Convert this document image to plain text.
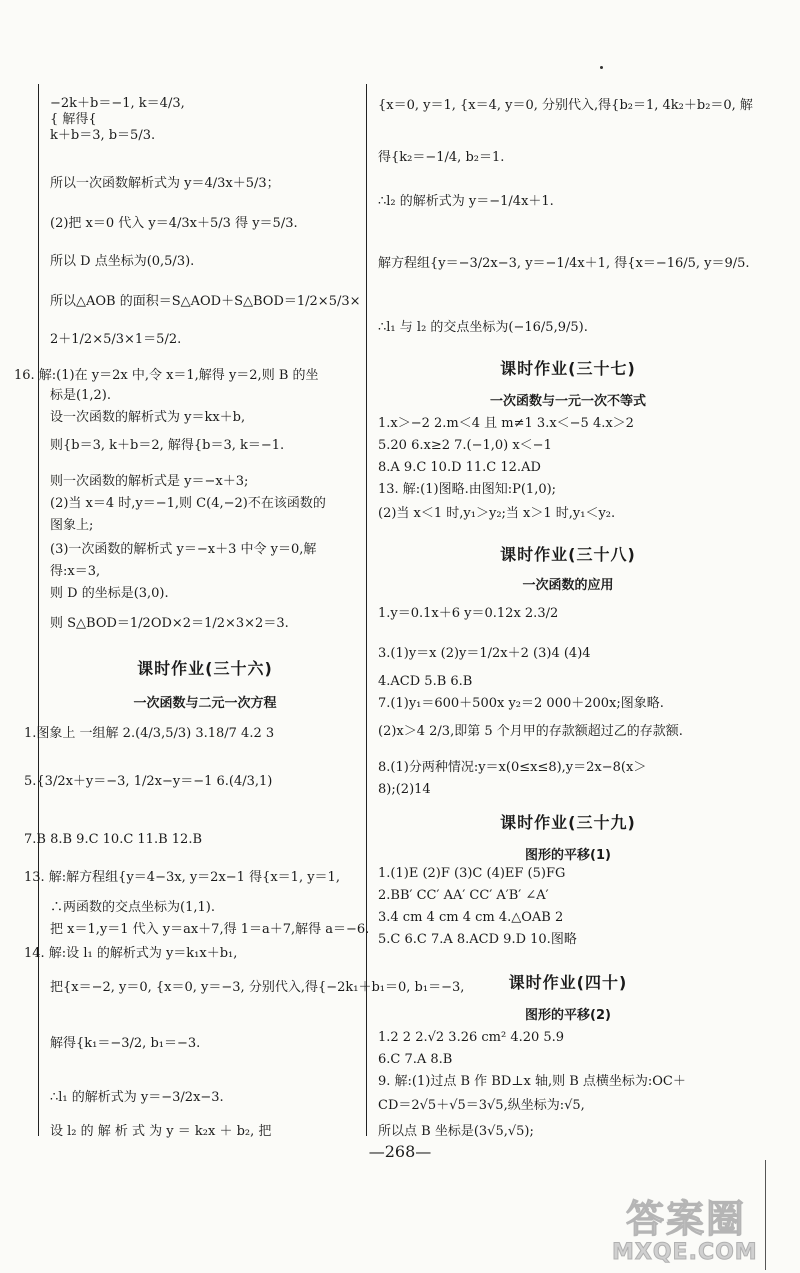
−2k＋b＝−1, k＝4/3,
{ 解得{
k＋b＝3, b＝5/3.
所以一次函数解析式为 y＝4/3x＋5/3；
(2)把 x＝0 代入 y＝4/3x＋5/3 得 y＝5/3.
所以 D 点坐标为(0,5/3).
所以△AOB 的面积＝S△AOD＋S△BOD＝1/2×5/3×
2＋1/2×5/3×1＝5/2.
16. 解:(1)在 y＝2x 中,令 x＝1,解得 y＝2,则 B 的坐
标是(1,2).
设一次函数的解析式为 y＝kx＋b,
则{b＝3, k＋b＝2, 解得{b＝3, k＝−1.
则一次函数的解析式是 y＝−x＋3;
(2)当 x＝4 时,y＝−1,则 C(4,−2)不在该函数的
图象上;
(3)一次函数的解析式 y＝−x＋3 中令 y＝0,解
得:x＝3,
则 D 的坐标是(3,0).
则 S△BOD＝1/2OD×2＝1/2×3×2＝3.
课时作业(三十六)
一次函数与二元一次方程
1.图象上 一组解 2.(4/3,5/3) 3.18/7 4.2 3
5.{3/2x＋y＝−3, 1/2x−y＝−1 6.(4/3,1)
7.B 8.B 9.C 10.C 11.B 12.B
13. 解:解方程组{y＝4−3x, y＝2x−1 得{x＝1, y＝1,
∴两函数的交点坐标为(1,1).
把 x＝1,y＝1 代入 y＝ax＋7,得 1＝a＋7,解得 a＝−6.
14. 解:设 l₁ 的解析式为 y＝k₁x＋b₁,
把{x＝−2, y＝0, {x＝0, y＝−3, 分别代入,得{−2k₁＋b₁＝0, b₁＝−3,
解得{k₁＝−3/2, b₁＝−3.
∴l₁ 的解析式为 y＝−3/2x−3.
设 l₂ 的 解 析 式 为 y ＝ k₂x ＋ b₂, 把
{x＝0, y＝1, {x＝4, y＝0, 分别代入,得{b₂＝1, 4k₂＋b₂＝0, 解
得{k₂＝−1/4, b₂＝1.
∴l₂ 的解析式为 y＝−1/4x＋1.
解方程组{y＝−3/2x−3, y＝−1/4x＋1, 得{x＝−16/5, y＝9/5.
∴l₁ 与 l₂ 的交点坐标为(−16/5,9/5).
课时作业(三十七)
一次函数与一元一次不等式
1.x＞−2 2.m＜4 且 m≠1 3.x＜−5 4.x＞2
5.20 6.x≥2 7.(−1,0) x＜−1
8.A 9.C 10.D 11.C 12.AD
13. 解:(1)图略.由图知:P(1,0);
(2)当 x＜1 时,y₁＞y₂;当 x＞1 时,y₁＜y₂.
课时作业(三十八)
一次函数的应用
1.y＝0.1x＋6 y＝0.12x 2.3/2
3.(1)y＝x (2)y＝1/2x＋2 (3)4 (4)4
4.ACD 5.B 6.B
7.(1)y₁＝600＋500x y₂＝2 000＋200x;图象略.
(2)x＞4 2/3,即第 5 个月甲的存款额超过乙的存款额.
8.(1)分两种情况:y＝x(0≤x≤8),y＝2x−8(x＞
8);(2)14
课时作业(三十九)
图形的平移(1)
1.(1)E (2)F (3)C (4)EF (5)FG
2.BB′ CC′ AA′ CC′ A′B′ ∠A′
3.4 cm 4 cm 4 cm 4.△OAB 2
5.C 6.C 7.A 8.ACD 9.D 10.图略
课时作业(四十)
图形的平移(2)
1.2 2 2.√2 3.26 cm² 4.20 5.9
6.C 7.A 8.B
9. 解:(1)过点 B 作 BD⊥x 轴,则 B 点横坐标为:OC＋
CD＝2√5＋√5＝3√5,纵坐标为:√5,
所以点 B 坐标是(3√5,√5);
—268—
答案圈
MXQE.COM
